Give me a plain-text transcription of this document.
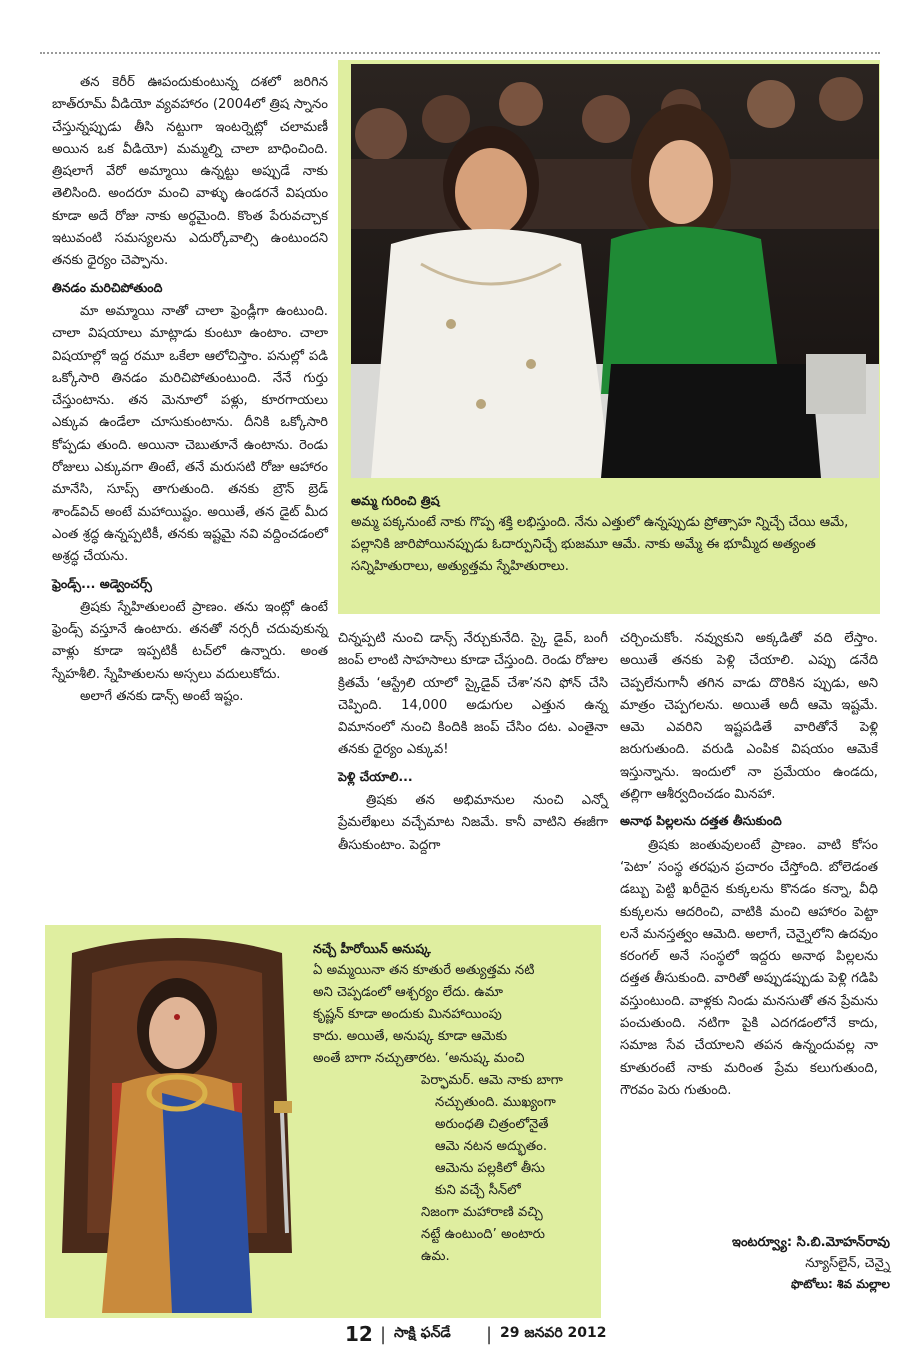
తన కెరీర్ ఊపందుకుంటున్న దశలో జరిగిన బాత్‌రూమ్ వీడియో వ్యవహారం (2004లో త్రిష స్నానం చేస్తున్నప్పుడు తీసి నట్టుగా ఇంటర్నెట్లో చలామణీ అయిన ఒక వీడియో) మమ్మల్ని చాలా బాధించింది. త్రిషలాగే వేరో అమ్మాయి ఉన్నట్టు అప్పుడే నాకు తెలిసింది. అందరూ మంచి వాళ్ళు ఉండరనే విషయం కూడా అదే రోజు నాకు అర్థమైంది. కొంత పేరువచ్చాక ఇటువంటి సమస్యలను ఎదుర్కోవాల్సి ఉంటుందని తనకు ధైర్యం చెప్పాను.

తినడం మరిచిపోతుంది

మా అమ్మాయి నాతో చాలా ఫ్రెండ్లీగా ఉంటుంది. చాలా విషయాలు మాట్లాడు కుంటూ ఉంటాం. చాలా విషయాల్లో ఇద్ద రమూ ఒకేలా ఆలోచిస్తాం. పనుల్లో పడి ఒక్కోసారి తినడం మరిచిపోతుంటుంది. నేనే గుర్తు చేస్తుంటాను. తన మెనూలో పళ్లు, కూరగాయలు ఎక్కువ ఉండేలా చూసుకుంటాను. దీనికి ఒక్కోసారి కోప్పడు తుంది. అయినా చెబుతూనే ఉంటాను. రెండు రోజులు ఎక్కువగా తింటే, తనే మరుసటి రోజు ఆహారం మానేసి, సూప్స్ తాగుతుంది. తనకు బ్రౌన్ బ్రెడ్ శాండ్‌విచ్ అంటే మహాయిష్టం. అయితే, తన డైట్ మీద ఎంత శ్రద్ధ ఉన్నప్పటికీ, తనకు ఇష్టమై నవి వద్దించడంలో అశ్రద్ధ చేయను.

ఫ్రెండ్స్... అడ్వెంచర్స్

త్రిషకు స్నేహితులంటే ప్రాణం. తను ఇంట్లో ఉంటే ఫ్రెండ్స్ వస్తూనే ఉంటారు. తనతో నర్సరీ చదువుకున్న వాళ్లు కూడా ఇప్పటికీ టచ్‌లో ఉన్నారు. అంత స్నేహశీలి. స్నేహితులను అస్సలు వదులుకోదు.

అలాగే తనకు డాన్స్ అంటే ఇష్టం.

అమ్మ గురించి త్రిష

అమ్మ పక్కనుంటే నాకు గొప్ప శక్తి లభిస్తుంది. నేను ఎత్తులో ఉన్నప్పుడు ప్రోత్సాహ న్నిచ్చే చేయి ఆమే, పల్లానికి జారిపోయినప్పుడు ఓదార్పునిచ్చే భుజమూ ఆమే. నాకు అమ్మే ఈ భూమ్మీద అత్యంత సన్నిహితురాలు, అత్యుత్తమ స్నేహితురాలు.

చిన్నప్పటి నుంచి డాన్స్ నేర్చుకునేది. స్కై డైవ్, బంగీ జంప్ లాంటి సాహసాలు కూడా చేస్తుంది. రెండు రోజుల క్రితమే ‘ఆస్ట్రేలి యాలో స్కైడైవ్ చేశా’నని ఫోన్ చేసి చెప్పింది. 14,000 అడుగుల ఎత్తున ఉన్న విమానంలో నుంచి కిందికి జంప్ చేసిం దట. ఎంతైనా తనకు ధైర్యం ఎక్కువ!

పెళ్లి చేయాలి...

త్రిషకు తన అభిమానుల నుంచి ఎన్నో ప్రేమలేఖలు వచ్చేమాట నిజమే. కానీ వాటిని ఈజీగా తీసుకుంటాం. పెద్దగా

చర్చించుకోం. నవ్వుకుని అక్కడితో వది లేస్తాం. అయితే తనకు పెళ్లి చేయాలి. ఎప్పు డనేది చెప్పలేనుగానీ తగిన వాడు దొరికిన ప్పుడు, అని మాత్రం చెప్పగలను. అయితే అదీ ఆమె ఇష్టమే. ఆమె ఎవరిని ఇష్టపడితే వారితోనే పెళ్లి జరుగుతుంది. వరుడి ఎంపిక విషయం ఆమెకే ఇస్తున్నాను. ఇందులో నా ప్రమేయం ఉండదు, తల్లిగా ఆశీర్వదించడం మినహా.

అనాథ పిల్లలను దత్తత తీసుకుంది

త్రిషకు జంతువులంటే ప్రాణం. వాటి కోసం ‘పెటా’ సంస్థ తరఫున ప్రచారం చేస్తోంది. బోలెడంత డబ్బు పెట్టి ఖరీదైన కుక్కలను కొనడం కన్నా, వీధి కుక్కలను ఆదరించి, వాటికి మంచి ఆహారం పెట్టా లనే మనస్తత్వం ఆమెది. అలాగే, చెన్నైలోని ఉదవుం కరంగల్ అనే సంస్థలో ఇద్దరు అనాథ పిల్లలను దత్తత తీసుకుంది. వారితో అప్పుడప్పుడు పెళ్లి గడిపి వస్తుంటుంది. వాళ్లకు నిండు మనసుతో తన ప్రేమను పంచుతుంది. నటిగా పైకి ఎదగడంలోనే కాదు, సమాజ సేవ చేయాలని తపన ఉన్నందువల్ల నా కూతురంటే నాకు మరింత ప్రేమ కలుగుతుంది, గౌరవం పెరు గుతుంది.

ఇంటర్వ్యూ: సి.బి.మోహన్‌రావు
న్యూస్‌లైన్, చెన్నై
ఫొటోలు: శివ మల్లాల
నచ్చే హీరోయిన్ అనుష్క

ఏ అమ్మయినా తన కూతురే అత్యుత్తమ నటి
అని చెప్పడంలో ఆశ్చర్యం లేదు. ఉమా
కృష్ణన్ కూడా అందుకు మినహాయింపు
కాదు. అయితే, అనుష్క కూడా ఆమెకు
అంతే బాగా నచ్చుతారట. ‘అనుష్క మంచి
పెర్ఫామర్. ఆమె నాకు బాగా
నచ్చుతుంది. ముఖ్యంగా
అరుంధతి చిత్రంలోనైతే
ఆమె నటన అద్భుతం.
ఆమెను పల్లకిలో తీసు
కుని వచ్చే సీన్‌లో
నిజంగా మహారాణి వచ్చి
నట్టే ఉంటుంది’ అంటారు
ఉమ.

12 | సాక్షి ఫన్‌డే | 29 జనవరి 2012
